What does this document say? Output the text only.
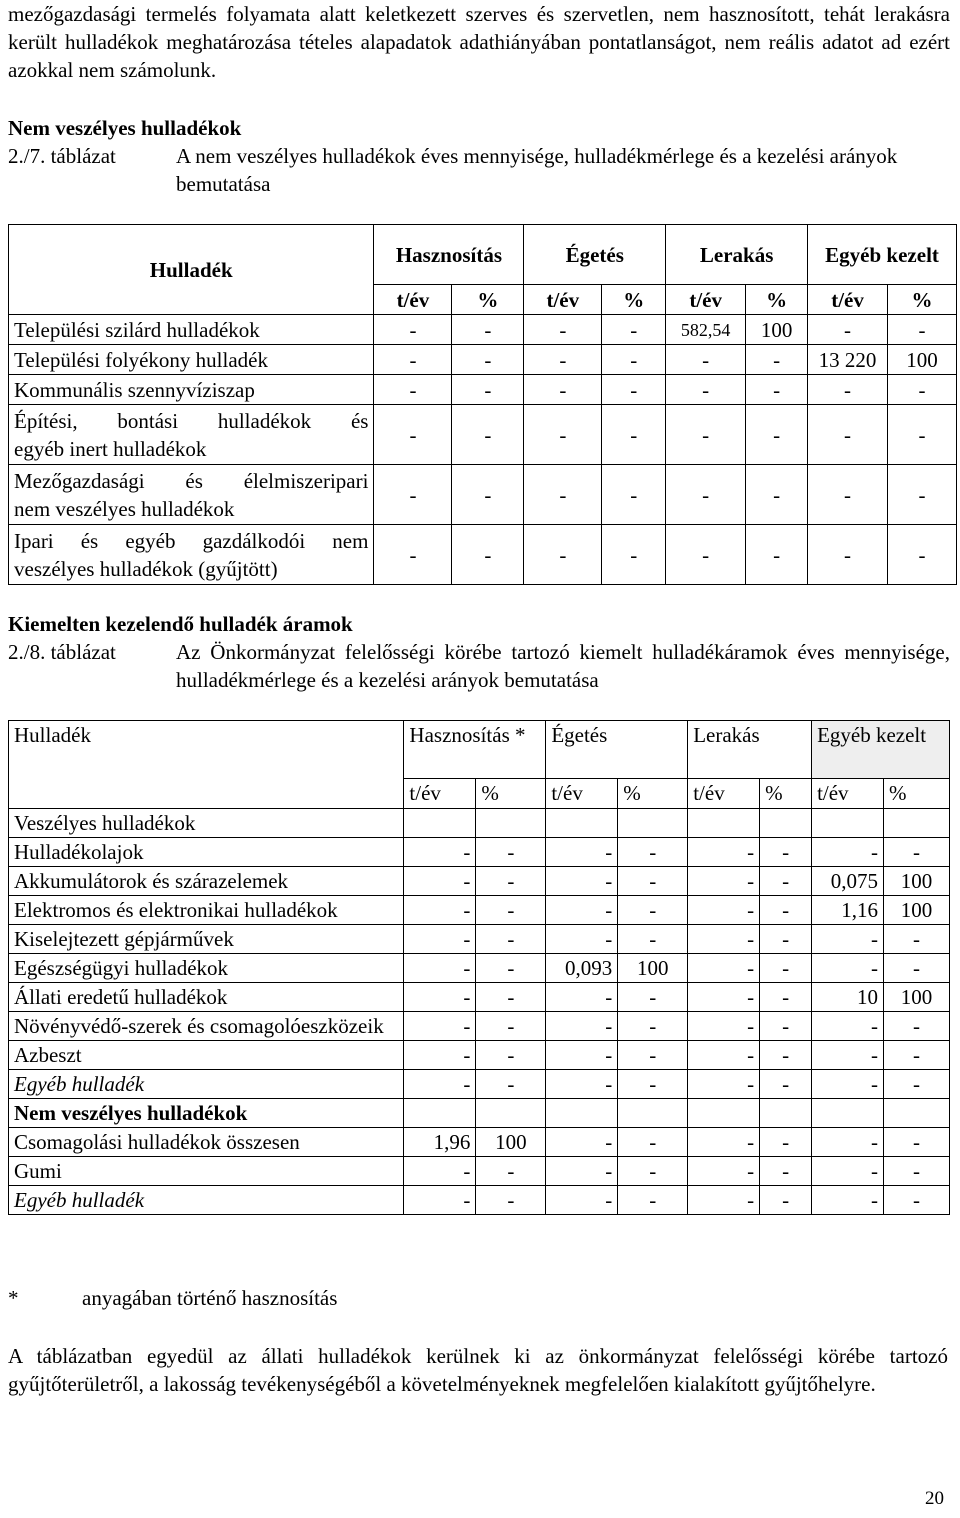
mezőgazdasági termelés folyamata alatt keletkezett szerves és szervetlen, nem hasznosított, tehát lerakásra került hulladékok meghatározása tételes alapadatok adathiányában pontatlanságot, nem reális adatot ad ezért azokkal nem számolunk.

Nem veszélyes hulladékok

2./7. táblázat	A nem veszélyes hulladékok éves mennyisége, hulladékmérlege és a kezelési arányok bemutatása
Hulladék	Hasznosítás		Égetés		Lerakás		Egyéb kezelt	
	t/év	%	t/év	%	t/év	%	t/év	%
Települési szilárd hulladékok	-	-	-	-	582,54	100	-	-
Települési folyékony hulladék	-	-	-	-	-	-	13 220	100
Kommunális szennyvíziszap	-	-	-	-	-	-	-	-

Építési, bontási hulladékok és
egyéb inert hulladékok	-	-	-	-	-	-	-	-

Mezőgazdasági és élelmiszeripari
nem veszélyes hulladékok	-	-	-	-	-	-	-	-

Ipari és egyéb gazdálkodói nem
veszélyes hulladékok (gyűjtött)	-	-	-	-	-	-	-	-

Kiemelten kezelendő hulladék áramok

2./8. táblázat	Az Önkormányzat felelősségi körébe tartozó kiemelt hulladékáramok éves mennyisége, hulladékmérlege és a kezelési arányok bemutatása
Hulladék	Hasznosítás *		Égetés		Lerakás		Egyéb kezelt	
	t/év	%	t/év	%	t/év	%	t/év	%
Veszélyes hulladékok								
Hulladékolajok	-	-	-	-	-	-	-	-
Akkumulátorok és szárazelemek	-	-	-	-	-	-	0,075	100
Elektromos és elektronikai hulladékok	-	-	-	-	-	-	1,16	100
Kiselejtezett gépjárművek	-	-	-	-	-	-	-	-
Egészségügyi hulladékok	-	-	0,093	100	-	-	-	-
Állati eredetű hulladékok	-	-	-	-	-	-	10	100
Növényvédő-szerek és csomagolóeszközeik	-	-	-	-	-	-	-	-
Azbeszt	-	-	-	-	-	-	-	-
Egyéb hulladék	-	-	-	-	-	-	-	-
Nem veszélyes hulladékok								
Csomagolási hulladékok összesen	1,96	100	-	-	-	-	-	-
Gumi	-	-	-	-	-	-	-	-
Egyéb hulladék	-	-	-	-	-	-	-	-
*	anyagában történő hasznosítás

A táblázatban egyedül az állati hulladékok kerülnek ki az önkormányzat felelősségi körébe tartozó gyűjtőterületről, a lakosság tevékenységéből a követelményeknek megfelelően kialakított gyűjtőhelyre.

20
